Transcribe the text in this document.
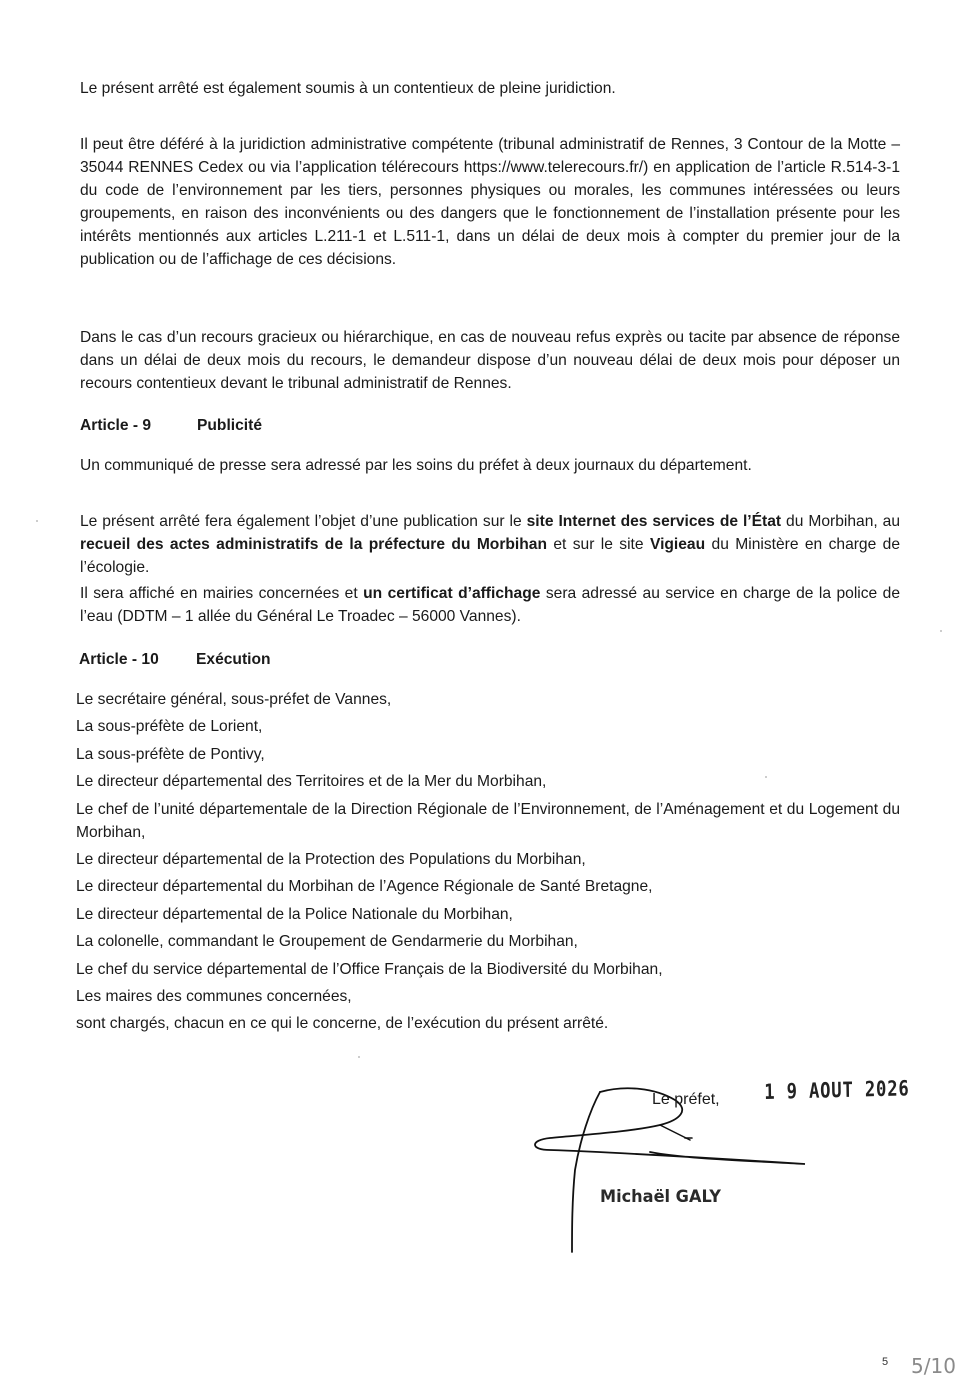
Le présent arrêté est également soumis à un contentieux de pleine juridiction.

Il peut être déféré à la juridiction administrative compétente (tribunal administratif de Rennes, 3 Contour de la Motte – 35044 RENNES Cedex ou via l’application télérecours https://www.telerecours.fr/) en application de l’article R.514-3-1 du code de l’environnement par les tiers, personnes physiques ou morales, les communes intéressées ou leurs groupements, en raison des inconvénients ou des dangers que le fonctionnement de l’installation présente pour les intérêts mentionnés aux articles L.211-1 et L.511-1, dans un délai de deux mois à compter du premier jour de la publication ou de l’affichage de ces décisions.

Dans le cas d’un recours gracieux ou hiérarchique, en cas de nouveau refus exprès ou tacite par absence de réponse dans un délai de deux mois du recours, le demandeur dispose d’un nouveau délai de deux mois pour déposer un recours contentieux devant le tribunal administratif de Rennes.

Article - 9	Publicité

Un communiqué de presse sera adressé par les soins du préfet à deux journaux du département.

Le présent arrêté fera également l’objet d’une publication sur le site Internet des services de l’État du Morbihan, au recueil des actes administratifs de la préfecture du Morbihan et sur le site Vigieau du Ministère en charge de l’écologie.

Il sera affiché en mairies concernées et un certificat d’affichage sera adressé au service en charge de la police de l’eau (DDTM – 1 allée du Général Le Troadec – 56000 Vannes).

Article - 10 Exécution
Le secrétaire général, sous-préfet de Vannes,
La sous-préfète de Lorient,
La sous-préfète de Pontivy,
Le directeur départemental des Territoires et de la Mer du Morbihan,
Le chef de l’unité départementale de la Direction Régionale de l’Environnement, de l’Aménagement et du Logement du Morbihan,
Le directeur départemental de la Protection des Populations du Morbihan,
Le directeur départemental du Morbihan de l’Agence Régionale de Santé Bretagne,
Le directeur départemental de la Police Nationale du Morbihan,
La colonelle, commandant le Groupement de Gendarmerie du Morbihan,
Le chef du service départemental de l’Office Français de la Biodiversité du Morbihan,
Les maires des communes concernées,
sont chargés, chacun en ce qui le concerne, de l’exécution du présent arrêté.
Le préfet, 1 9 AOUT 2026
Michaël GALY
5 5/10
